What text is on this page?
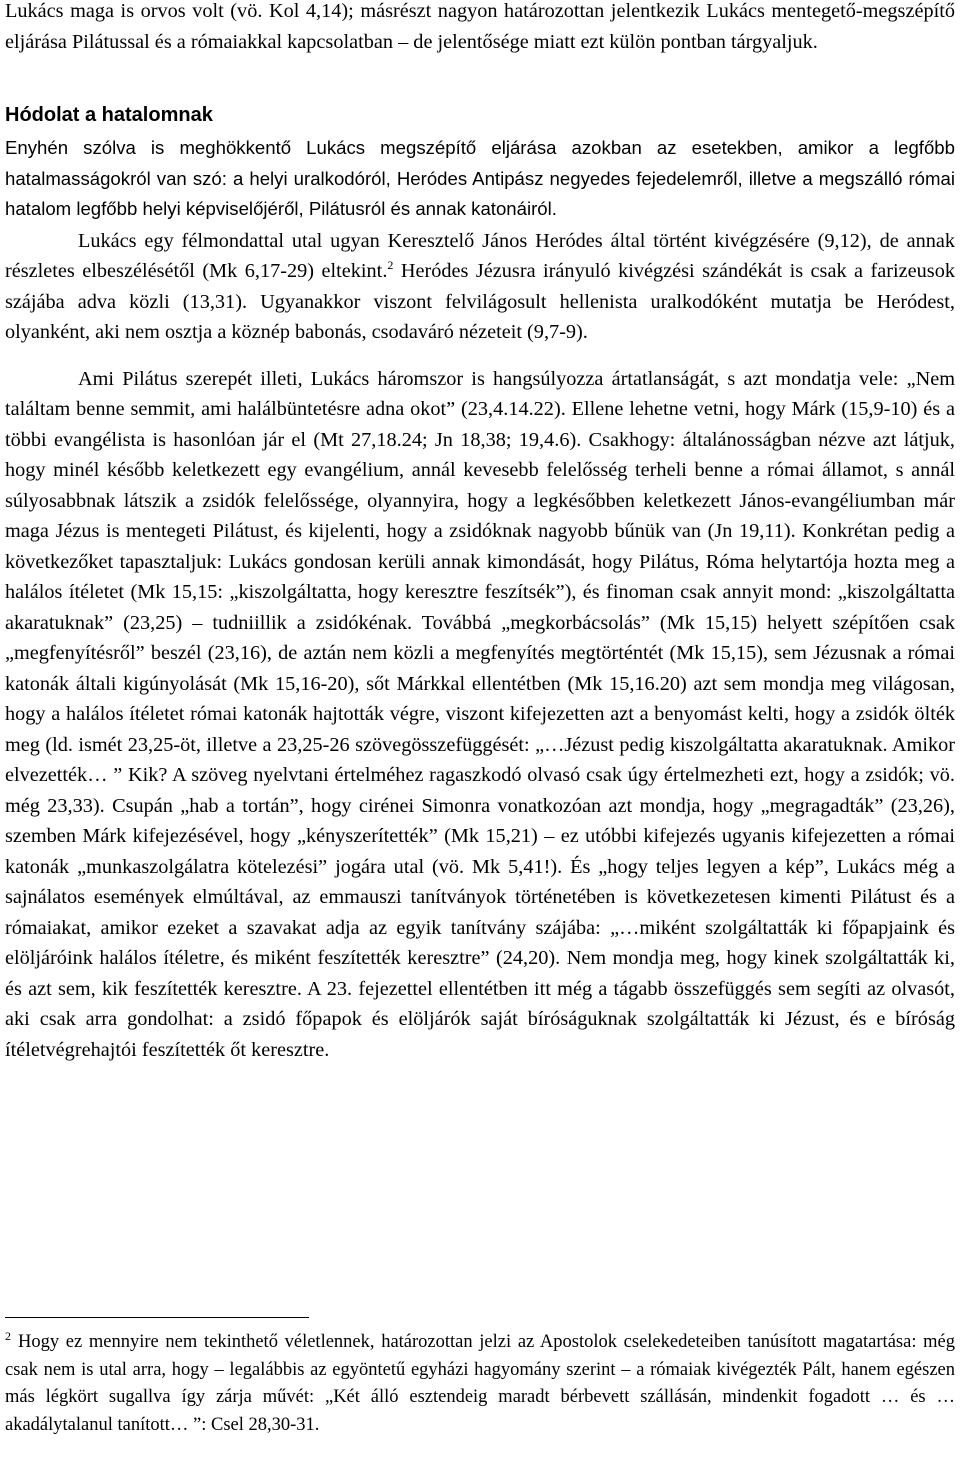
Lukács maga is orvos volt (vö. Kol 4,14); másrészt nagyon határozottan jelentkezik Lukács mentegető-megszépítő eljárása Pilátussal és a rómaiakkal kapcsolatban – de jelentősége miatt ezt külön pontban tárgyaljuk.

Hódolat a hatalomnak

Enyhén szólva is meghökkentő Lukács megszépítő eljárása azokban az esetekben, amikor a legfőbb hatalmasságokról van szó: a helyi uralkodóról, Heródes Antipász negyedes fejedelemről, illetve a megszálló római hatalom legfőbb helyi képviselőjéről, Pilátusról és annak katonáiról.

Lukács egy félmondattal utal ugyan Keresztelő János Heródes által történt kivégzésére (9,12), de annak részletes elbeszélésétől (Mk 6,17-29) eltekint.$^2$ Heródes Jézusra irányuló kivégzési szándékát is csak a farizeusok szájába adva közli (13,31). Ugyanakkor viszont felvilágosult hellenista uralkodóként mutatja be Heródest, olyanként, aki nem osztja a köznép babonás, csodaváró nézeteit (9,7-9).

Ami Pilátus szerepét illeti, Lukács háromszor is hangsúlyozza ártatlanságát, s azt mondatja vele: „Nem találtam benne semmit, ami halálbüntetésre adna okot” (23,4.14.22). Ellene lehetne vetni, hogy Márk (15,9-10) és a többi evangélista is hasonlóan jár el (Mt 27,18.24; Jn 18,38; 19,4.6). Csakhogy: általánosságban nézve azt látjuk, hogy minél később keletkezett egy evangélium, annál kevesebb felelősség terheli benne a római államot, s annál súlyosabbnak látszik a zsidók felelőssége, olyannyira, hogy a legkésőbben keletkezett János-evangéliumban már maga Jézus is mentegeti Pilátust, és kijelenti, hogy a zsidóknak nagyobb bűnük van (Jn 19,11). Konkrétan pedig a következőket tapasztaljuk: Lukács gondosan kerüli annak kimondását, hogy Pilátus, Róma helytartója hozta meg a halálos ítéletet (Mk 15,15: „kiszolgáltatta, hogy keresztre feszítsék”), és finoman csak annyit mond: „kiszolgáltatta akaratuknak” (23,25) – tudniillik a zsidókénak. Továbbá „megkorbácsolás” (Mk 15,15) helyett szépítően csak „megfenyítésről” beszél (23,16), de aztán nem közli a megfenyítés megtörténtét (Mk 15,15), sem Jézusnak a római katonák általi kigúnyolását (Mk 15,16-20), sőt Márkkal ellentétben (Mk 15,16.20) azt sem mondja meg világosan, hogy a halálos ítéletet római katonák hajtották végre, viszont kifejezetten azt a benyomást kelti, hogy a zsidók ölték meg (ld. ismét 23,25-öt, illetve a 23,25-26 szövegösszefüggését: „…Jézust pedig kiszolgáltatta akaratuknak. Amikor elvezették… ” Kik? A szöveg nyelvtani értelméhez ragaszkodó olvasó csak úgy értelmezheti ezt, hogy a zsidók; vö. még 23,33). Csupán „hab a tortán”, hogy cirénei Simonra vonatkozóan azt mondja, hogy „megragadták” (23,26), szemben Márk kifejezésével, hogy „kényszerítették” (Mk 15,21) – ez utóbbi kifejezés ugyanis kifejezetten a római katonák „munkaszolgálatra kötelezési” jogára utal (vö. Mk 5,41!). És „hogy teljes legyen a kép”, Lukács még a sajnálatos események elmúltával, az emmauszi tanítványok történetében is következetesen kimenti Pilátust és a rómaiakat, amikor ezeket a szavakat adja az egyik tanítvány szájába: „…miként szolgáltatták ki főpapjaink és elöljáróink halálos ítéletre, és miként feszítették keresztre” (24,20). Nem mondja meg, hogy kinek szolgáltatták ki, és azt sem, kik feszítették keresztre. A 23. fejezettel ellentétben itt még a tágabb összefüggés sem segíti az olvasót, aki csak arra gondolhat: a zsidó főpapok és elöljárók saját bíróságuknak szolgáltatták ki Jézust, és e bíróság ítéletvégrehajtói feszítették őt keresztre.

$^2$ Hogy ez mennyire nem tekinthető véletlennek, határozottan jelzi az Apostolok cselekedeteiben tanúsított magatartása: még csak nem is utal arra, hogy – legalábbis az egyöntetű egyházi hagyomány szerint – a rómaiak kivégezték Pált, hanem egészen más légkört sugallva így zárja művét: „Két álló esztendeig maradt bérbevett szállásán, mindenkit fogadott … és … akadálytalanul tanított… ”: Csel 28,30-31.
